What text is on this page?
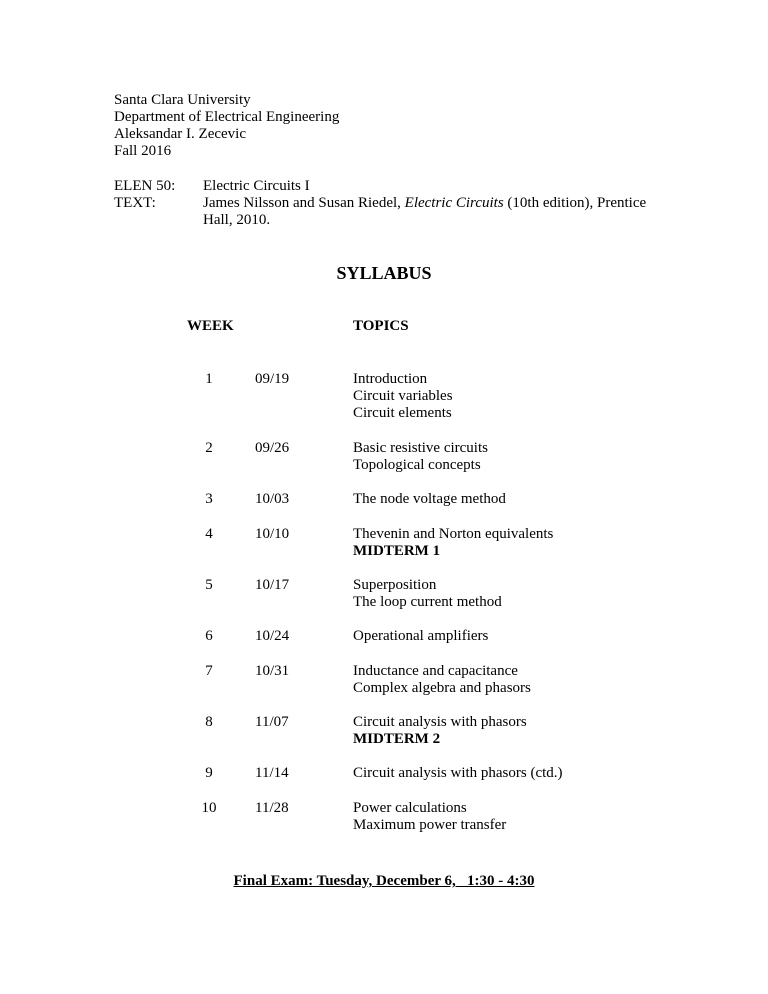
Santa Clara University
Department of Electrical Engineering
Aleksandar I. Zecevic
Fall 2016
ELEN 50: Electric Circuits I
TEXT:	James Nilsson and Susan Riedel, Electric Circuits (10th edition), Prentice
Hall, 2010.
SYLLABUS
WEEK	TOPICS
1	09/19	Introduction
Circuit variables
Circuit elements
2	09/26	Basic resistive circuits
Topological concepts
3	10/03	The node voltage method
4	10/10	Thevenin and Norton equivalents
MIDTERM 1
5	10/17	Superposition
The loop current method
6	10/24	Operational amplifiers
7	10/31	Inductance and capacitance
Complex algebra and phasors
8	11/07	Circuit analysis with phasors
MIDTERM 2
9	11/14	Circuit analysis with phasors (ctd.)
10	11/28	Power calculations
Maximum power transfer
Final Exam: Tuesday, December 6,   1:30 - 4:30
